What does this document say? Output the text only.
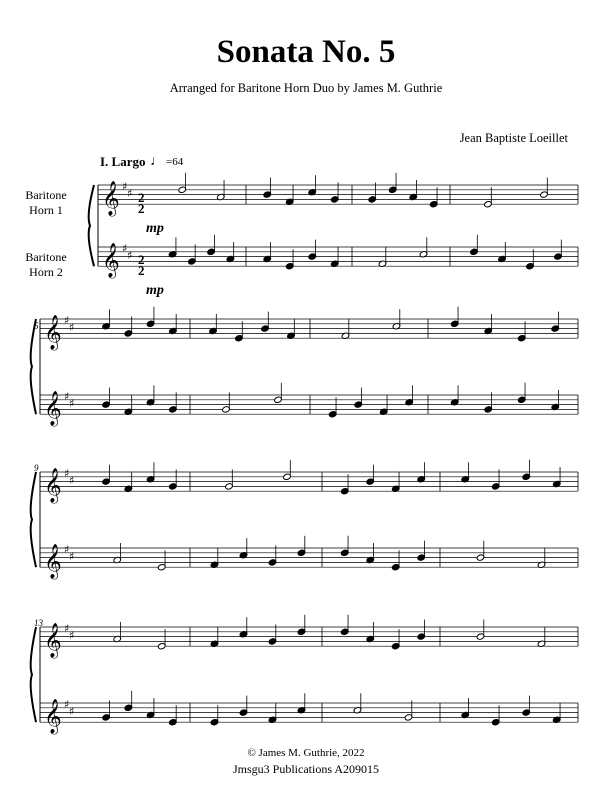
Sonata No. 5
Arranged for Baritone Horn Duo by James M. Guthrie
Jean Baptiste Loeillet
I. Largo ♩ =64
Baritone
Horn 1
Baritone
Horn 2
5
9
13
mp
mp
2
2
2
2
𝄞 ♯
♯
𝄞 ♯
♯
𝄞 ♯
♯
𝄞 ♯
♯
𝄞 ♯
♯
𝄞 ♯
♯
𝄞 ♯
♯
𝄞 ♯
♯
© James M. Guthrie, 2022
Jmsgu3 Publications A209015
